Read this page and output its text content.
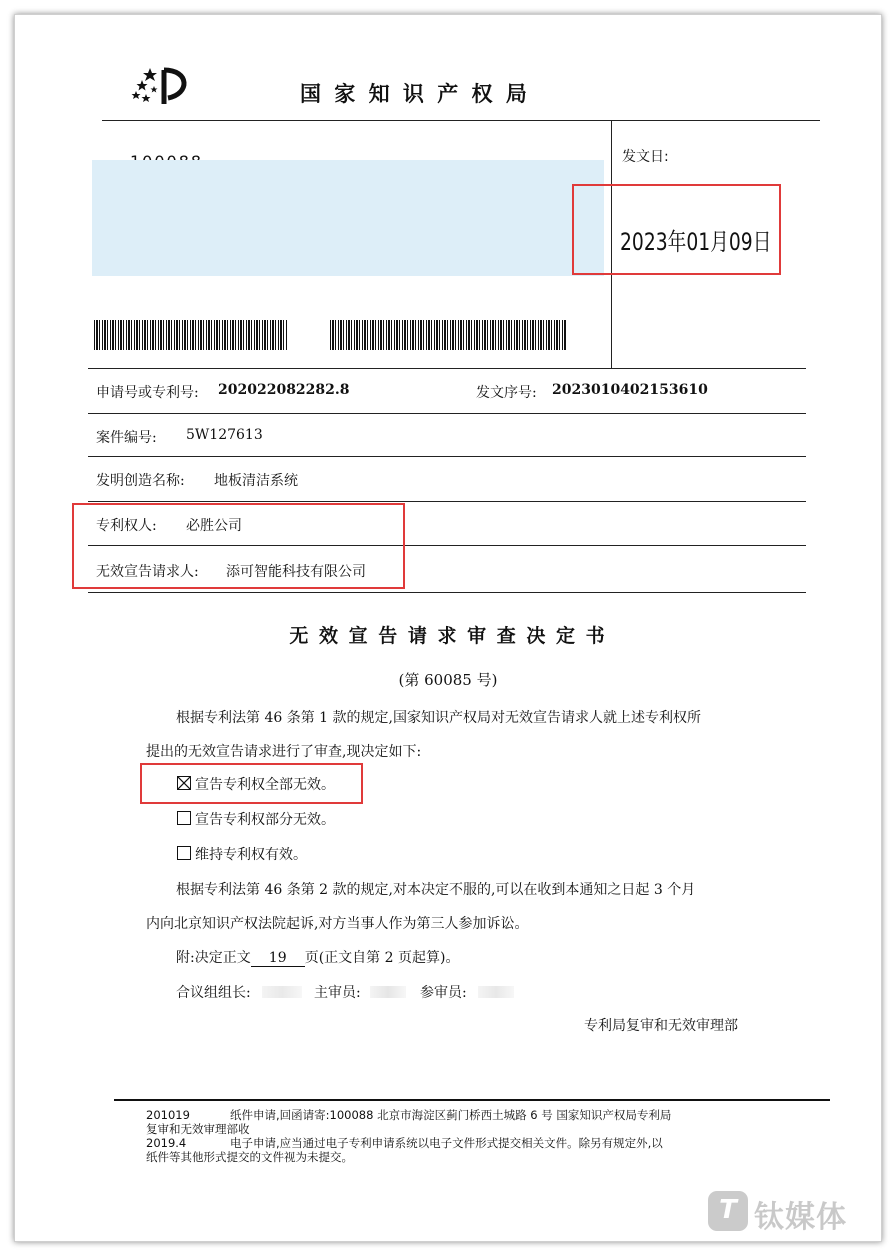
国 家 知 识 产 权 局
发文日:
2023年01月09日
申请号或专利号: 202022082282.8	发文序号: 2023010402153610
案件编号: 5W127613
发明创造名称: 地板清洁系统
专利权人: 必胜公司
无效宣告请求人: 添可智能科技有限公司
无 效 宣 告 请 求 审 查 决 定 书
(第 60085 号)
根据专利法第 46 条第 1 款的规定,国家知识产权局对无效宣告请求人就上述专利权所
提出的无效宣告请求进行了审查,现决定如下:
宣告专利权全部无效。
宣告专利权部分无效。
维持专利权有效。
根据专利法第 46 条第 2 款的规定,对本决定不服的,可以在收到本通知之日起 3 个月
内向北京知识产权法院起诉,对方当事人作为第三人参加诉讼。
附:决定正文 19 页(正文自第 2 页起算)。
合议组组长:	主审员:	参审员:
专利局复审和无效审理部
201019	纸件申请,回函请寄:100088 北京市海淀区蓟门桥西土城路 6 号 国家知识产权局专利局
复审和无效审理部收
2019.4	电子申请,应当通过电子专利申请系统以电子文件形式提交相关文件。除另有规定外,以
纸件等其他形式提交的文件视为未提交。
T 钛媒体
